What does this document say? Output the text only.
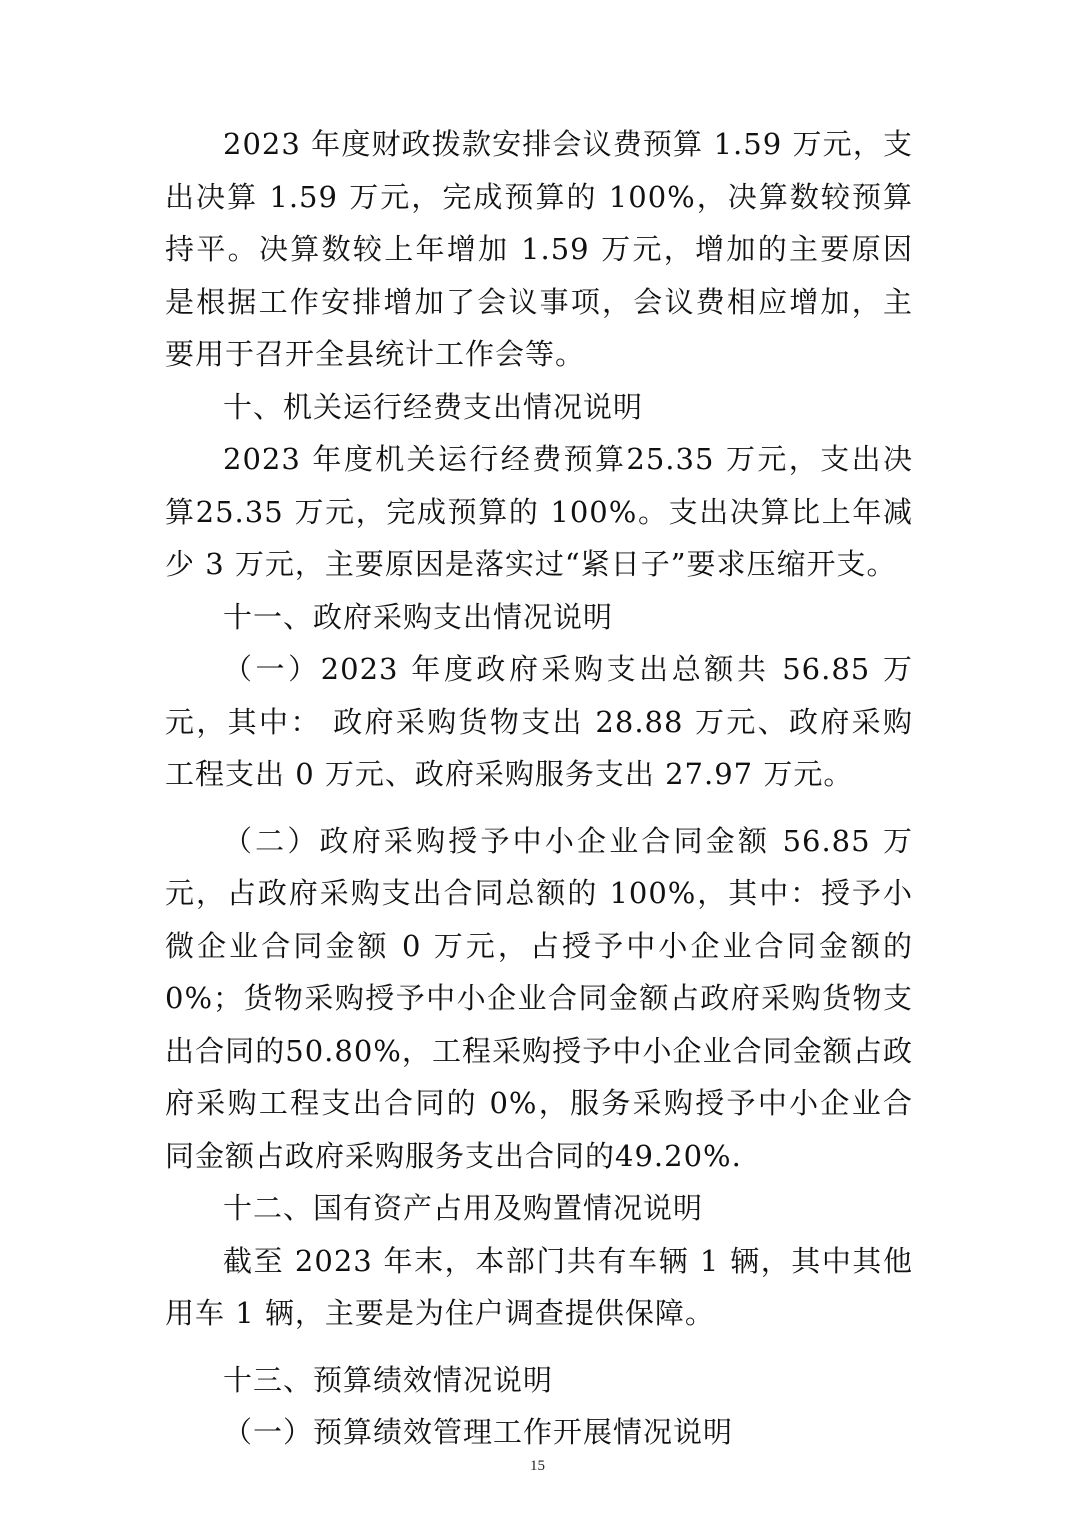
2023 年度财政拨款安排会议费预算 1.59 万元，支出决算 1.59 万元，完成预算的 100%，决算数较预算持平。决算数较上年增加 1.59 万元，增加的主要原因是根据工作安排增加了会议事项，会议费相应增加，主要用于召开全县统计工作会等。

十、机关运行经费支出情况说明

2023 年度机关运行经费预算25.35 万元，支出决算25.35 万元，完成预算的 100%。支出决算比上年减少 3 万元，主要原因是落实过“紧日子”要求压缩开支。

十一、政府采购支出情况说明

（一）2023 年度政府采购支出总额共 56.85 万元，其中： 政府采购货物支出 28.88 万元、政府采购工程支出 0 万元、政府采购服务支出 27.97 万元。

（二）政府采购授予中小企业合同金额 56.85 万元，占政府采购支出合同总额的 100%，其中：授予小微企业合同金额 0 万元，占授予中小企业合同金额的 0%；货物采购授予中小企业合同金额占政府采购货物支出合同的50.80%，工程采购授予中小企业合同金额占政府采购工程支出合同的 0%，服务采购授予中小企业合同金额占政府采购服务支出合同的49.20%.

十二、国有资产占用及购置情况说明

截至 2023 年末，本部门共有车辆 1 辆，其中其他用车 1 辆，主要是为住户调查提供保障。

十三、预算绩效情况说明

（一）预算绩效管理工作开展情况说明

15
